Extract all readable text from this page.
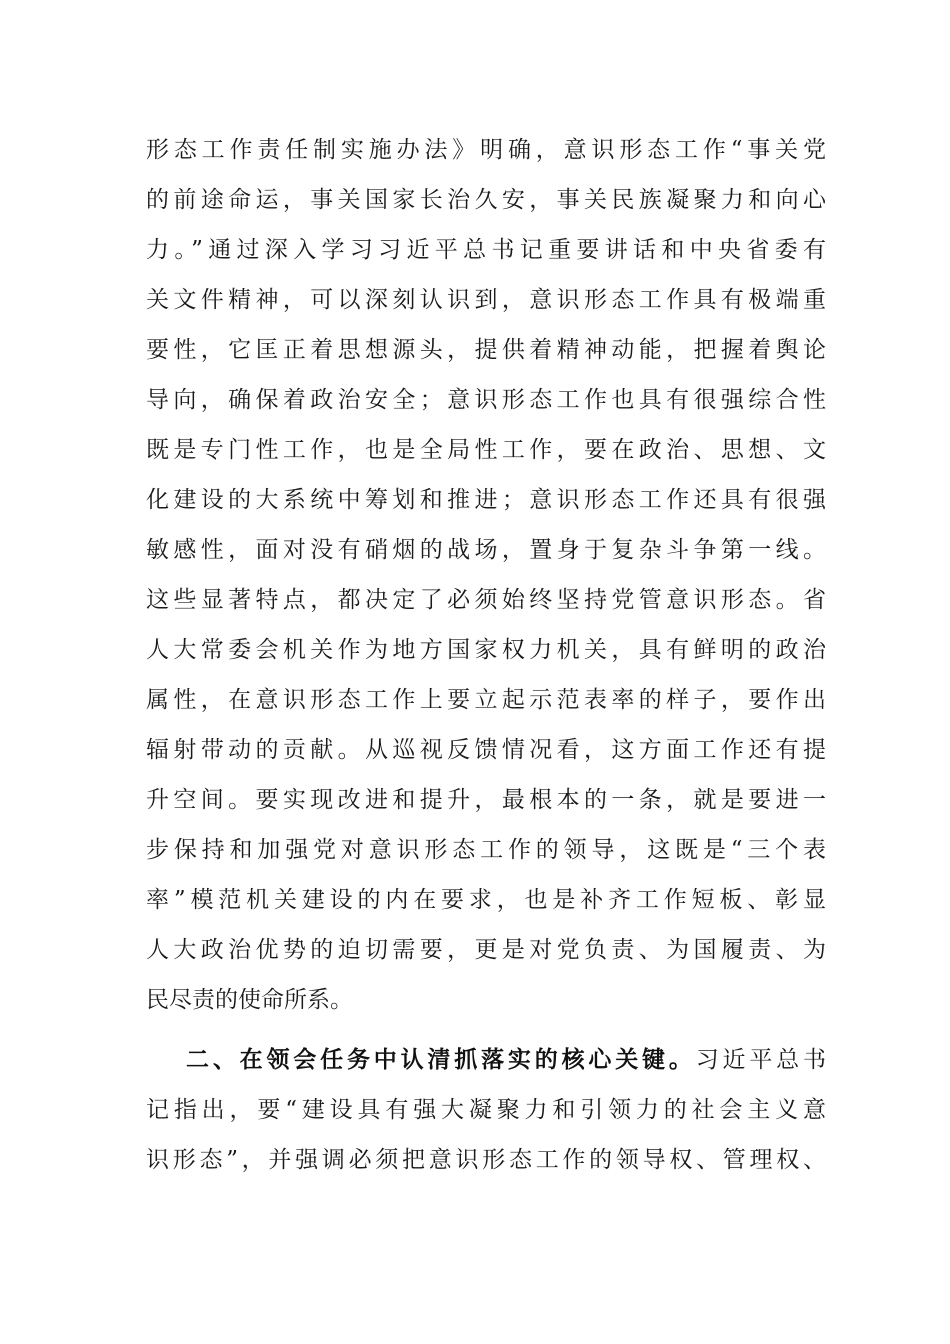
形态工作责任制实施办法》明确，意识形态工作“事关党
的前途命运，事关国家长治久安，事关民族凝聚力和向心
力。”通过深入学习习近平总书记重要讲话和中央省委有
关文件精神，可以深刻认识到，意识形态工作具有极端重
要性，它匡正着思想源头，提供着精神动能，把握着舆论
导向，确保着政治安全；意识形态工作也具有很强综合性
既是专门性工作，也是全局性工作，要在政治、思想、文
化建设的大系统中筹划和推进；意识形态工作还具有很强
敏感性，面对没有硝烟的战场，置身于复杂斗争第一线。
这些显著特点，都决定了必须始终坚持党管意识形态。省
人大常委会机关作为地方国家权力机关，具有鲜明的政治
属性，在意识形态工作上要立起示范表率的样子，要作出
辐射带动的贡献。从巡视反馈情况看，这方面工作还有提
升空间。要实现改进和提升，最根本的一条，就是要进一
步保持和加强党对意识形态工作的领导，这既是“三个表
率”模范机关建设的内在要求，也是补齐工作短板、彰显
人大政治优势的迫切需要，更是对党负责、为国履责、为
民尽责的使命所系。
二、在领会任务中认清抓落实的核心关键。习近平总书
记指出，要“建设具有强大凝聚力和引领力的社会主义意
识形态”，并强调必须把意识形态工作的领导权、管理权、
